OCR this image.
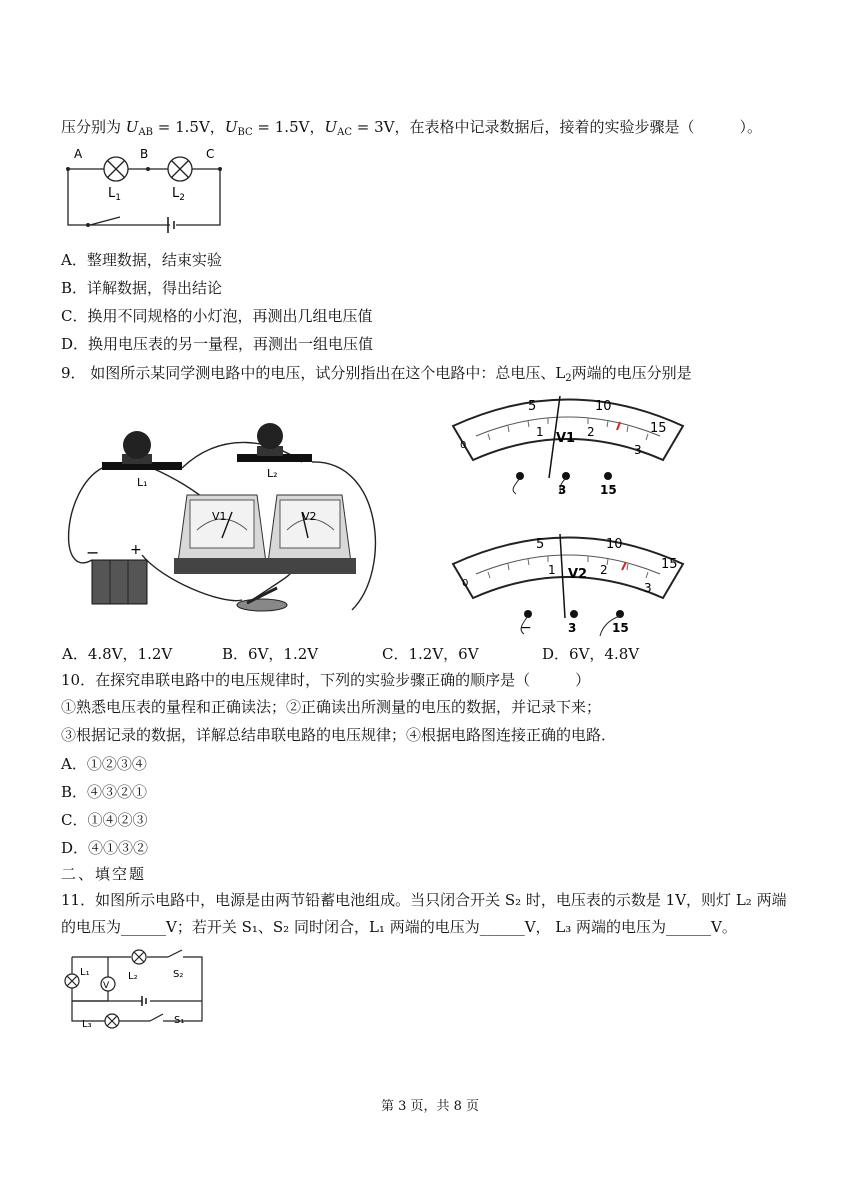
压分别为 $U_{AB} = 1.5V$，$U_{BC} = 1.5V$，$U_{AC} = 3V$，在表格中记录数据后，接着的实验步骤是（　　　）。
A	B	C
$L_1$	$L_2$
A．整理数据，结束实验
B．详解数据，得出结论
C．换用不同规格的小灯泡，再测出几组电压值
D．换用电压表的另一量程，再测出一组电压值
9． 如图所示某同学测电路中的电压，试分别指出在这个电路中：总电压、$L_2$两端的电压分别是
L₁
L₂
V1	V2
− +
5	10
15
1	2
3
0	V1
3	15
5	10
15
1	2
3
0
V2
−	3	15
A．4.8V，1.2V	B．6V，1.2V	C．1.2V，6V	D．6V，4.8V
10．在探究串联电路中的电压规律时，下列的实验步骤正确的顺序是（　　　）
①熟悉电压表的量程和正确读法；②正确读出所测量的电压的数据，并记录下来；
③根据记录的数据，详解总结串联电路的电压规律；④根据电路图连接正确的电路．
A．①②③④
B．④③②①
C．①④②③
D．④①③②
二、填空题
11．如图所示电路中，电源是由两节铅蓄电池组成。当只闭合开关 S₂ 时，电压表的示数是 1V，则灯 L₂ 两端
的电压为______V；若开关 S₁、S₂ 同时闭合，L₁ 两端的电压为______V， L₃ 两端的电压为______V。
V
L₁	L₂	S₂
L₃	S₁
第 3 页，共 8 页
